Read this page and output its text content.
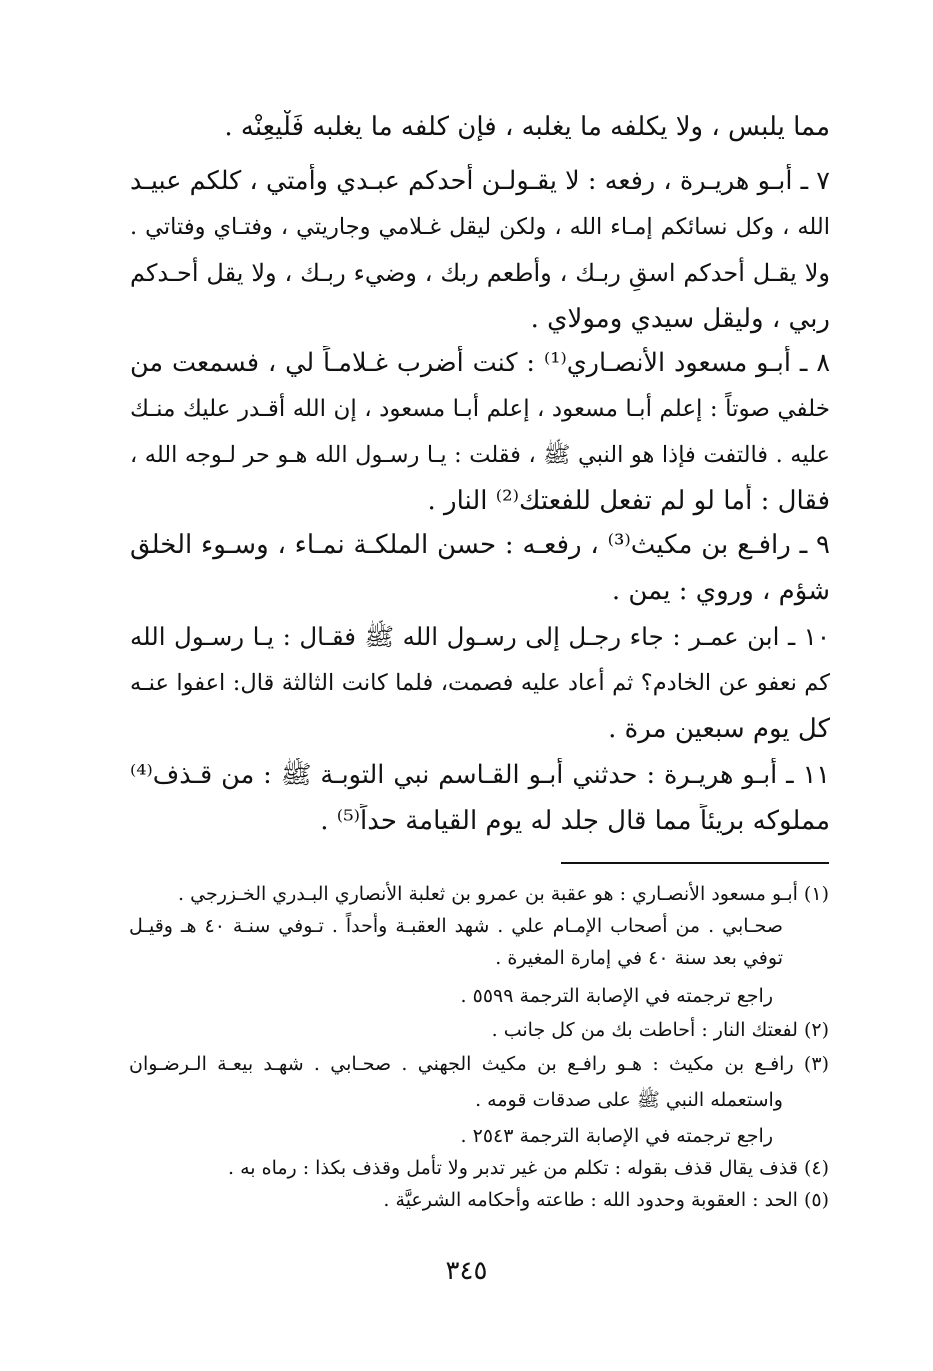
مما يلبس ، ولا يكلفه ما يغلبه ، فإن كلفه ما يغلبه فَلْيعِنْه .
٧ ـ أبـو هريـرة ، رفعه : لا يقـولـن أحدكم عبـدي وأمتي ، كلكم عبيـد
الله ، وكل نسائكم إمـاء الله ، ولكن ليقل غـلامي وجاريتي ، وفتـاي وفتاتي .
ولا يقـل أحدكم اسقِ ربـك ، وأطعم ربك ، وضيء ربـك ، ولا يقل أحـدكم
ربي ، وليقل سيدي ومولاي .
٨ ـ أبـو مسعود الأنصـاري⁽¹⁾ : كنت أضرب غـلامـاً لي ، فسمعت من
خلفي صوتاً : إعلم أبـا مسعود ، إعلم أبـا مسعود ، إن الله أقـدر عليك منـك
عليه . فالتفت فإذا هو النبي ﷺ ، فقلت : يـا رسـول الله هـو حر لـوجه الله ،
فقال : أما لو لم تفعل للفعتك⁽²⁾ النار .
٩ ـ رافـع بن مكيث⁽³⁾ ، رفعـه : حسن الملكـة نمـاء ، وسـوء الخلق
شؤم ، وروي : يمن .
١٠ ـ ابن عمـر : جاء رجـل إلى رسـول الله ﷺ فقـال : يـا رسـول الله
كم نعفو عن الخادم؟ ثم أعاد عليه فصمت، فلما كانت الثالثة قال: اعفوا عنـه
كل يوم سبعين مرة .
١١ ـ أبـو هريـرة : حدثني أبـو القـاسم نبي التوبـة ﷺ : من قـذف⁽⁴⁾
مملوكه بريئاً مما قال جلد له يوم القيامة حداً⁽⁵⁾ .
(١) أبـو مسعود الأنصـاري : هو عقبة بن عمرو بن ثعلبة الأنصاري البـدري الخـزرجي .
صحـابي . من أصحاب الإمـام علي . شهد العقبـة وأُحداً . تـوفي سنـة ٤٠ هـ وقيـل
توفي بعد سنة ٤٠ في إمارة المغيرة .
راجع ترجمته في الإصابة الترجمة ٥٥٩٩ .
(٢) لفعتك النار : أحاطت بك من كل جانب .
(٣) رافـع بن مكيث : هـو رافـع بن مكيث الجهني . صحـابي . شهـد بيعـة الـرضـوان
واستعمله النبي ﷺ على صدقات قومه .
راجع ترجمته في الإصابة الترجمة ٢٥٤٣ .
(٤) قذف يقال قذف بقوله : تكلم من غير تدبر ولا تأمل وقذف بكذا : رماه به .
(٥) الحد : العقوبة وحدود الله : طاعته وأحكامه الشرعيَّة .
٣٤٥
